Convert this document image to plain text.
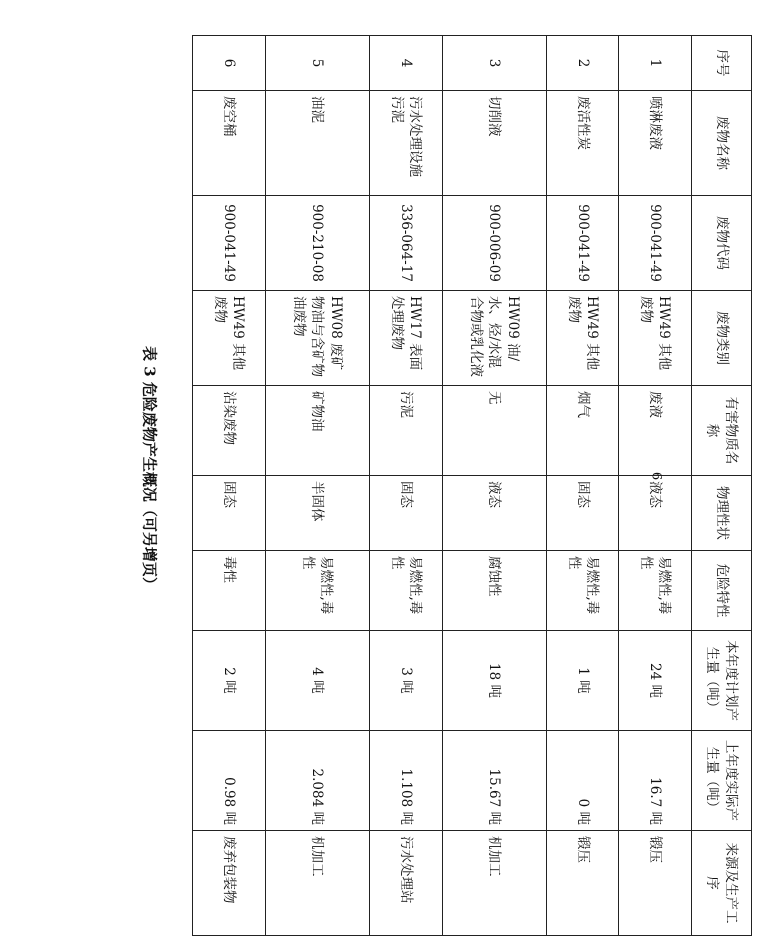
表 3 危险废物产生概况（可另增页）
序号	废物名称	废物代码	废物类别	有害物质名称	物理性状	危险特性	本年度计划产生量（吨）	上年度实际产生量（吨）	来源及生产工序
1	喷淋废液	900-041-49	HW49 其他废物	废液	液态	易燃性,毒性	24 吨	16.7 吨	锻压
2	废活性炭	900-041-49	HW49 其他废物	烟气	固态	易燃性,毒性	1 吨	0 吨	锻压
3	切削液	900-006-09	HW09 油/水、烃/水混合物或乳化液	无	液态	腐蚀性	18 吨	15.67 吨	机加工
4	污水处理设施污泥	336-064-17	HW17 表面处理废物	污泥	固态	易燃性,毒性	3 吨	1.108 吨	污水处理站
5	油泥	900-210-08	HW08 废矿物油与含矿物油废物	矿物油	半固体	易燃性,毒性	4 吨	2.084 吨	机加工
6	废空桶	900-041-49	HW49 其他废物	沾染废物	固态	毒性	2 吨	0.98 吨	废弃包装物
6
